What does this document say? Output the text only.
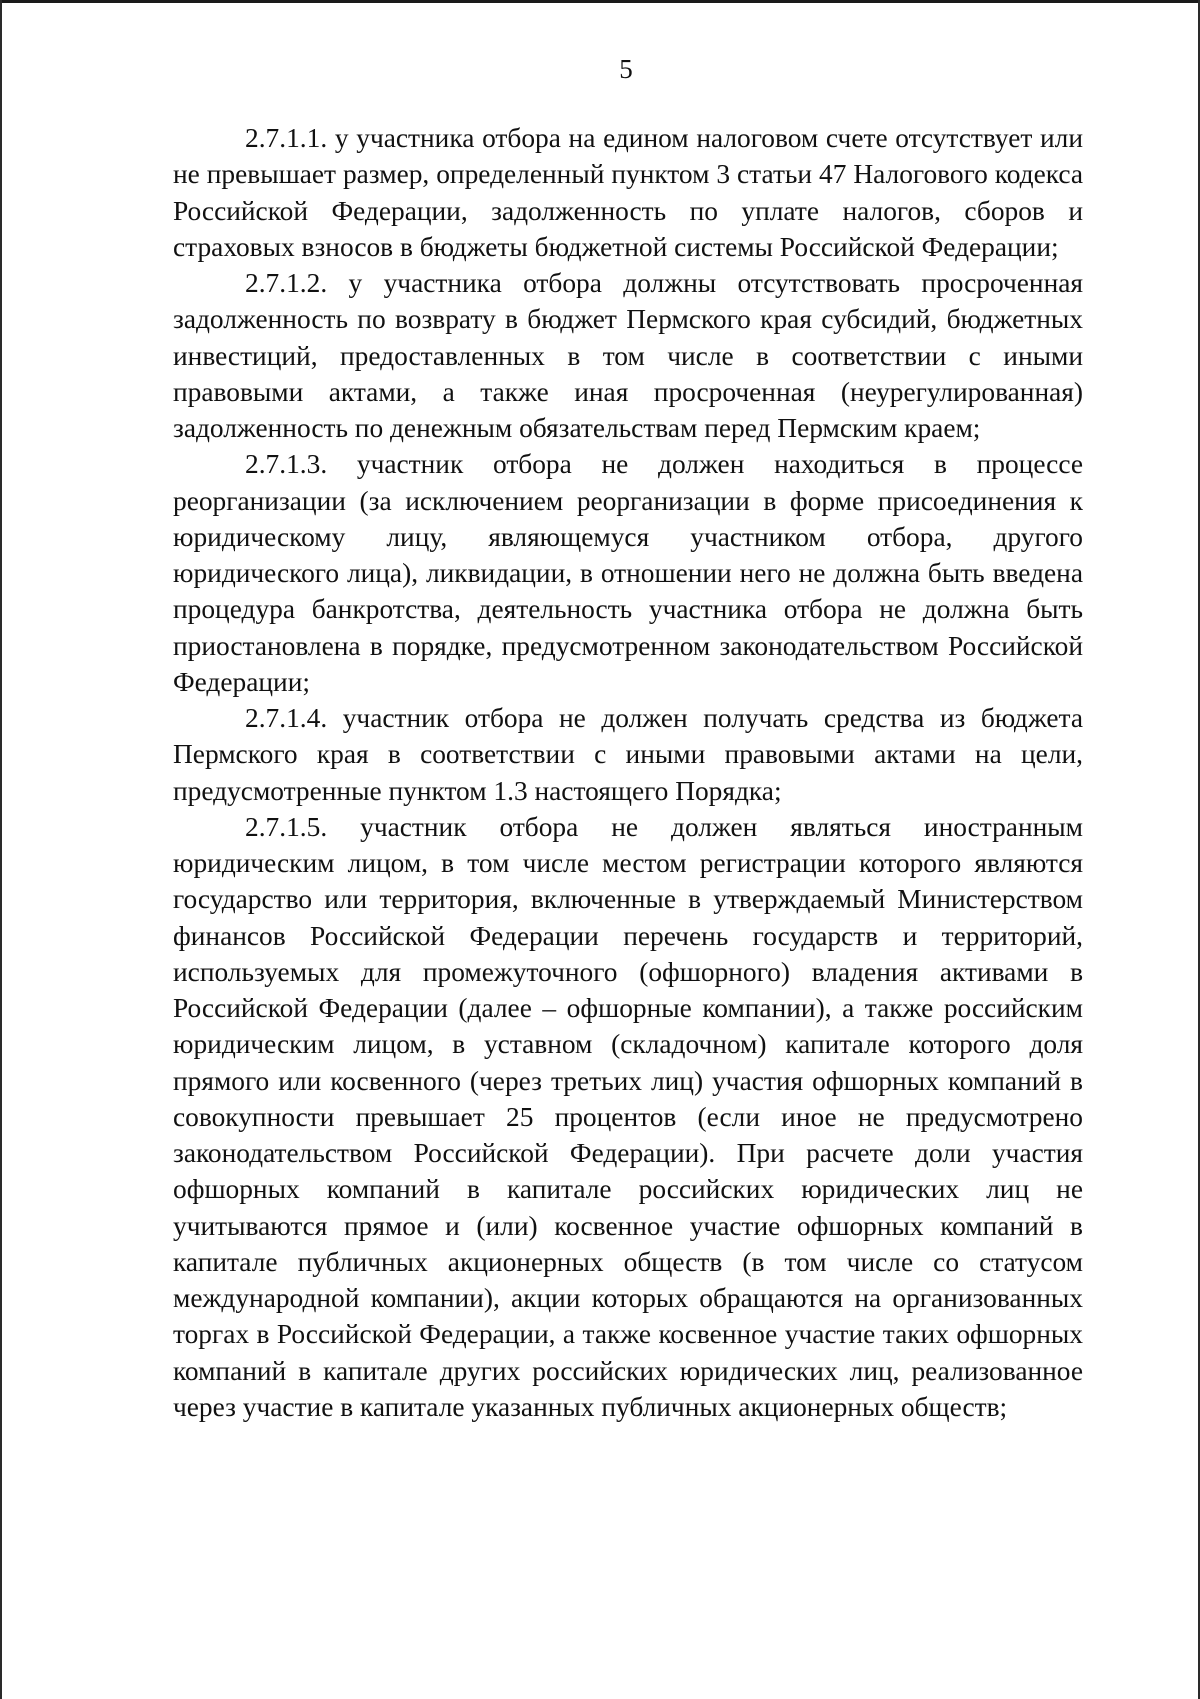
5

2.7.1.1. у участника отбора на едином налоговом счете отсутствует или не превышает размер, определенный пунктом 3 статьи 47 Налогового кодекса Российской Федерации, задолженность по уплате налогов, сборов и страховых взносов в бюджеты бюджетной системы Российской Федерации;

2.7.1.2. у участника отбора должны отсутствовать просроченная задолженность по возврату в бюджет Пермского края субсидий, бюджетных инвестиций, предоставленных в том числе в соответствии с иными правовыми актами, а также иная просроченная (неурегулированная) задолженность по денежным обязательствам перед Пермским краем;

2.7.1.3. участник отбора не должен находиться в процессе реорганизации (за исключением реорганизации в форме присоединения к юридическому лицу, являющемуся участником отбора, другого юридического лица), ликвидации, в отношении него не должна быть введена процедура банкротства, деятельность участника отбора не должна быть приостановлена в порядке, предусмотренном законодательством Российской Федерации;

2.7.1.4. участник отбора не должен получать средства из бюджета Пермского края в соответствии с иными правовыми актами на цели, предусмотренные пунктом 1.3 настоящего Порядка;

2.7.1.5. участник отбора не должен являться иностранным юридическим лицом, в том числе местом регистрации которого являются государство или территория, включенные в утверждаемый Министерством финансов Российской Федерации перечень государств и территорий, используемых для промежуточного (офшорного) владения активами в Российской Федерации (далее – офшорные компании), а также российским юридическим лицом, в уставном (складочном) капитале которого доля прямого или косвенного (через третьих лиц) участия офшорных компаний в совокупности превышает 25 процентов (если иное не предусмотрено законодательством Российской Федерации). При расчете доли участия офшорных компаний в капитале российских юридических лиц не учитываются прямое и (или) косвенное участие офшорных компаний в капитале публичных акционерных обществ (в том числе со статусом международной компании), акции которых обращаются на организованных торгах в Российской Федерации, а также косвенное участие таких офшорных компаний в капитале других российских юридических лиц, реализованное через участие в капитале указанных публичных акционерных обществ;
